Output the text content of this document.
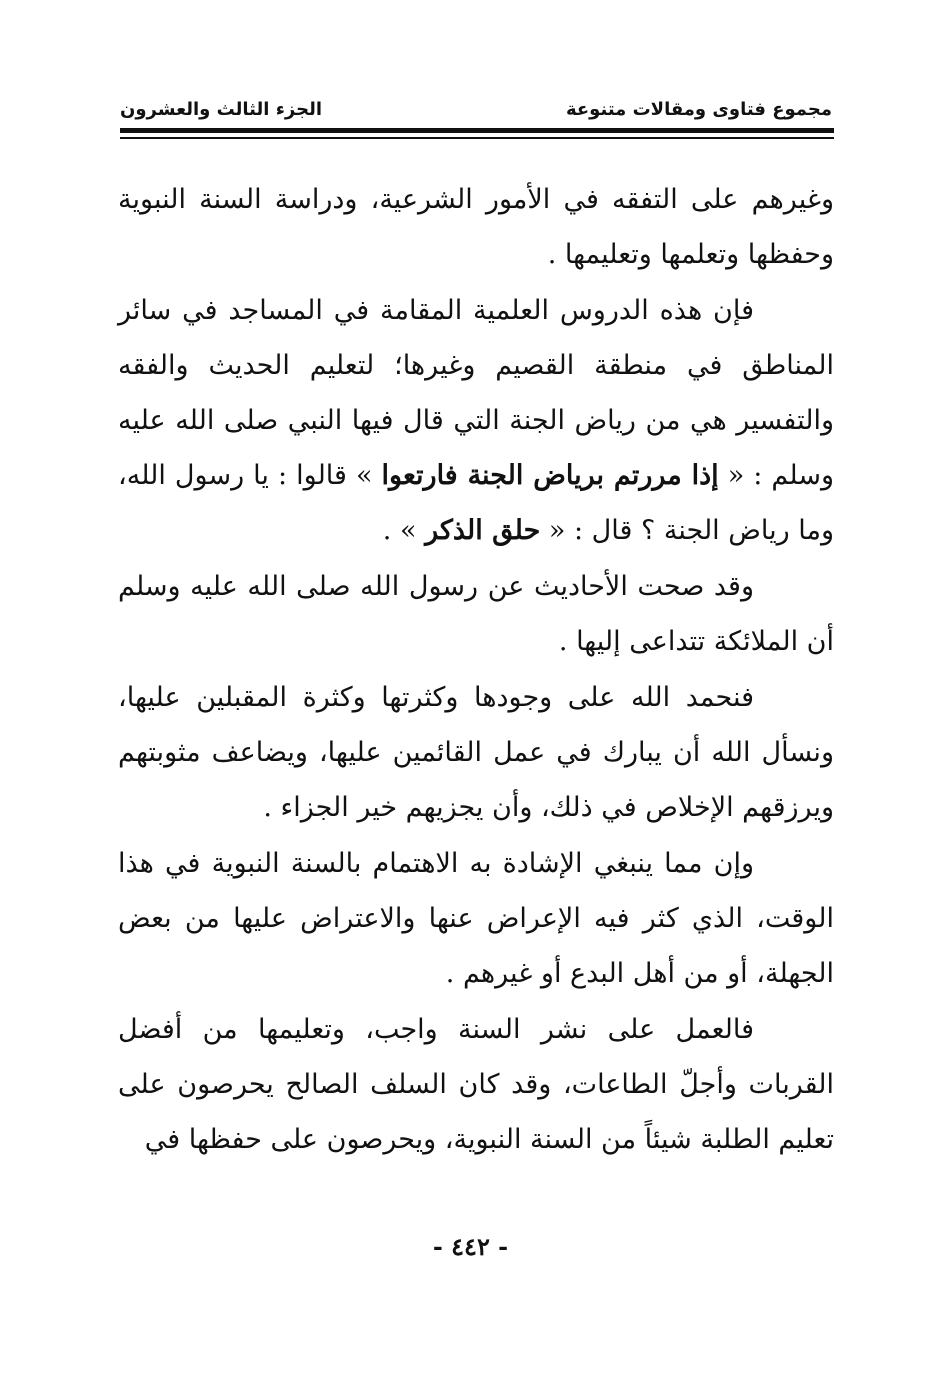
مجموع فتاوى ومقالات متنوعة
الجزء الثالث والعشرون

وغيرهم على التفقه في الأمور الشرعية، ودراسة السنة النبوية وحفظها وتعلمها وتعليمها .

فإن هذه الدروس العلمية المقامة في المساجد في سائر المناطق في منطقة القصيم وغيرها؛ لتعليم الحديث والفقه والتفسير هي من رياض الجنة التي قال فيها النبي صلى الله عليه وسلم : « إذا مررتم برياض الجنة فارتعوا » قالوا : يا رسول الله، وما رياض الجنة ؟ قال : « حلق الذكر » .

وقد صحت الأحاديث عن رسول الله صلى الله عليه وسلم أن الملائكة تتداعى إليها .

فنحمد الله على وجودها وكثرتها وكثرة المقبلين عليها، ونسأل الله أن يبارك في عمل القائمين عليها، ويضاعف مثوبتهم ويرزقهم الإخلاص في ذلك، وأن يجزيهم خير الجزاء .

وإن مما ينبغي الإشادة به الاهتمام بالسنة النبوية في هذا الوقت، الذي كثر فيه الإعراض عنها والاعتراض عليها من بعض الجهلة، أو من أهل البدع أو غيرهم .

فالعمل على نشر السنة واجب، وتعليمها من أفضل القربات وأجلّ الطاعات، وقد كان السلف الصالح يحرصون على تعليم الطلبة شيئاً من السنة النبوية، ويحرصون على حفظها في

- ٤٤٢ -
